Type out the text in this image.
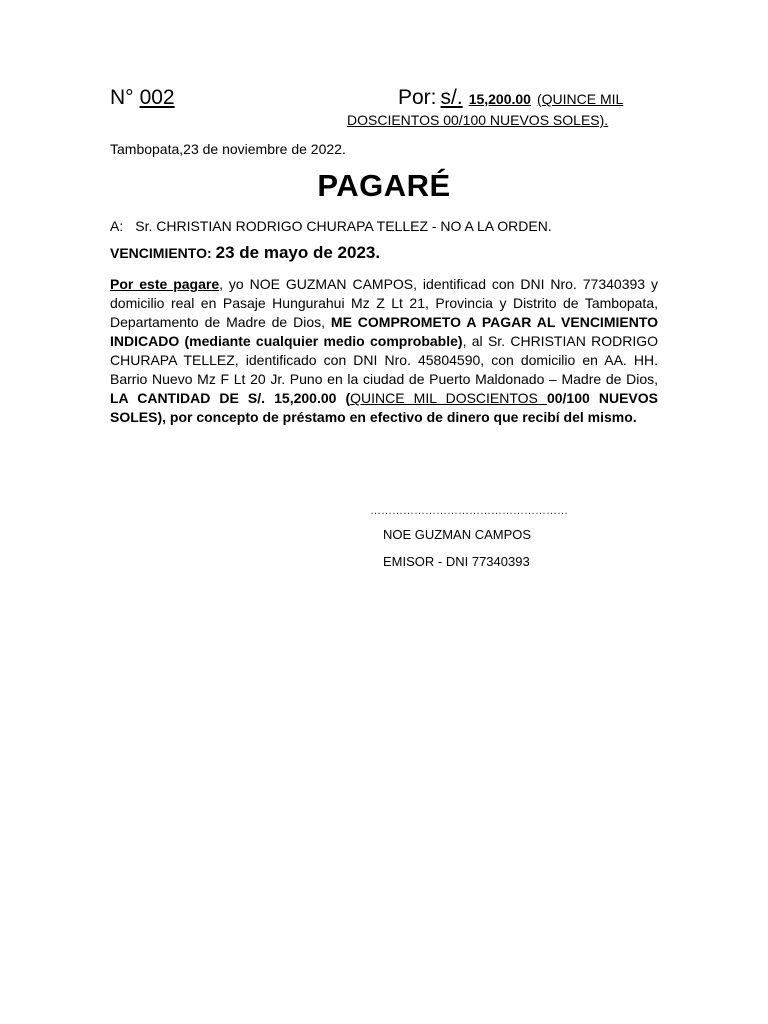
N° 002	Por: s/. 15,200.00 (QUINCE MIL
DOSCIENTOS 00/100 NUEVOS SOLES).
Tambopata,23 de noviembre de 2022.
PAGARÉ
A: Sr. CHRISTIAN RODRIGO CHURAPA TELLEZ - NO A LA ORDEN.
VENCIMIENTO: 23 de mayo de 2023.
Por este pagare, yo NOE GUZMAN CAMPOS, identificad con DNI Nro. 77340393 y domicilio real en Pasaje Hungurahui Mz Z Lt 21, Provincia y Distrito de Tambopata, Departamento de Madre de Dios, ME COMPROMETO A PAGAR AL VENCIMIENTO INDICADO (mediante cualquier medio comprobable), al Sr. CHRISTIAN RODRIGO CHURAPA TELLEZ, identificado con DNI Nro. 45804590, con domicilio en AA. HH. Barrio Nuevo Mz F Lt 20 Jr. Puno en la ciudad de Puerto Maldonado – Madre de Dios, LA CANTIDAD DE S/. 15,200.00 (QUINCE MIL DOSCIENTOS 00/100 NUEVOS SOLES), por concepto de préstamo en efectivo de dinero que recibí del mismo.
………………………………………………
NOE GUZMAN CAMPOS
EMISOR - DNI 77340393
